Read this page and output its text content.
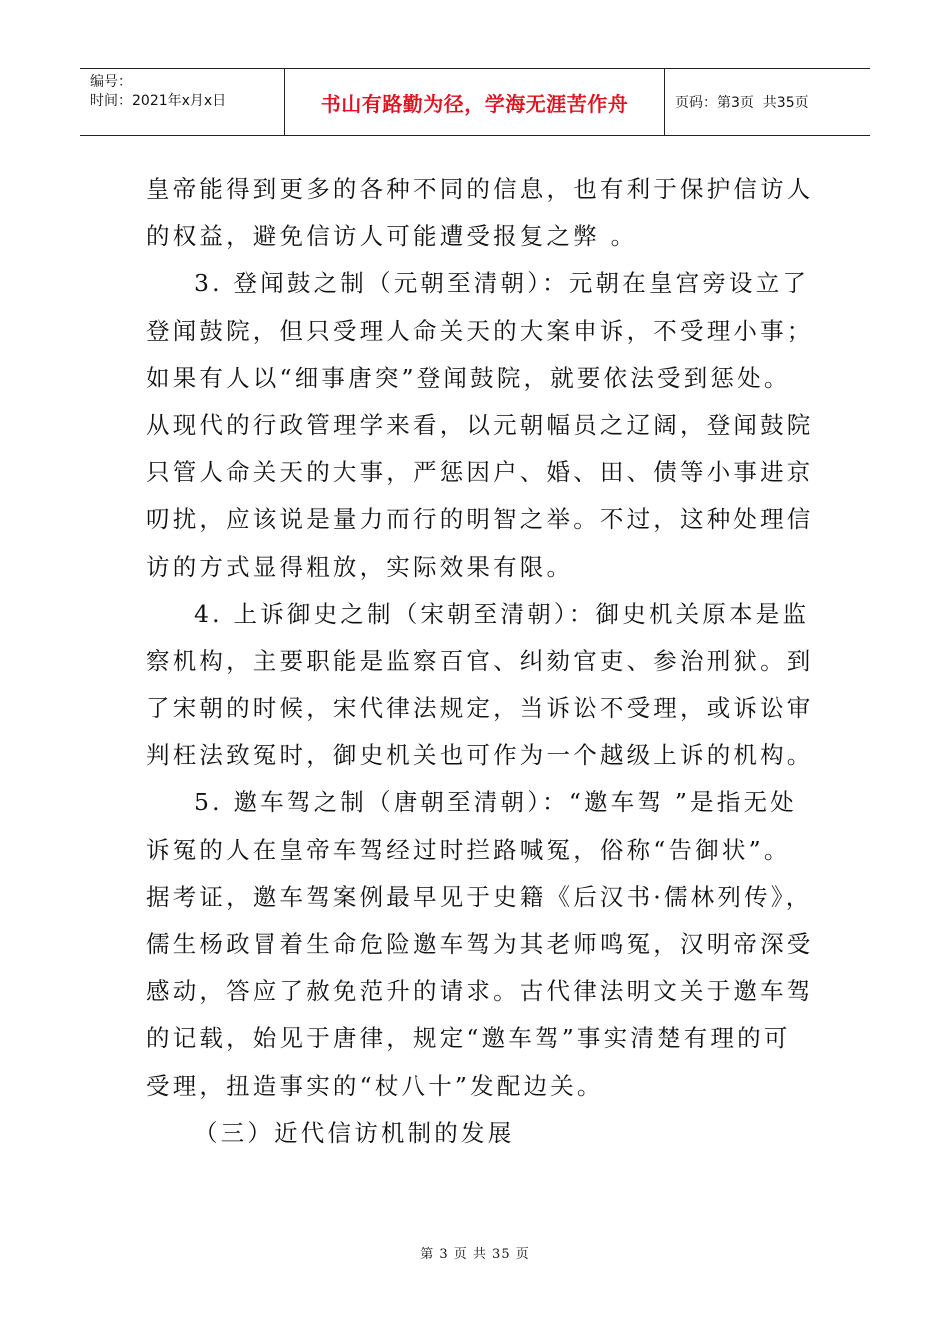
编号：
时间：2021年x月x日	书山有路勤为径，学海无涯苦作舟	页码：第3页  共35页
皇帝能得到更多的各种不同的信息，也有利于保护信访人
的权益，避免信访人可能遭受报复之弊 。
3. 登闻鼓之制（元朝至清朝）：元朝在皇宫旁设立了
登闻鼓院，但只受理人命关天的大案申诉，不受理小事；
如果有人以“细事唐突”登闻鼓院，就要依法受到惩处。
从现代的行政管理学来看，以元朝幅员之辽阔，登闻鼓院
只管人命关天的大事，严惩因户、婚、田、债等小事进京
叨扰，应该说是量力而行的明智之举。不过，这种处理信
访的方式显得粗放，实际效果有限。
4. 上诉御史之制（宋朝至清朝）：御史机关原本是监
察机构，主要职能是监察百官、纠劾官吏、参治刑狱。到
了宋朝的时候，宋代律法规定，当诉讼不受理，或诉讼审
判枉法致冤时，御史机关也可作为一个越级上诉的机构。
5. 邀车驾之制（唐朝至清朝）：“邀车驾 ”是指无处
诉冤的人在皇帝车驾经过时拦路喊冤，俗称“告御状”。
据考证，邀车驾案例最早见于史籍《后汉书·儒林列传》，
儒生杨政冒着生命危险邀车驾为其老师鸣冤，汉明帝深受
感动，答应了赦免范升的请求。古代律法明文关于邀车驾
的记载，始见于唐律，规定“邀车驾”事实清楚有理的可
受理，扭造事实的“杖八十”发配边关。
（三）近代信访机制的发展
第 3 页 共 35 页
